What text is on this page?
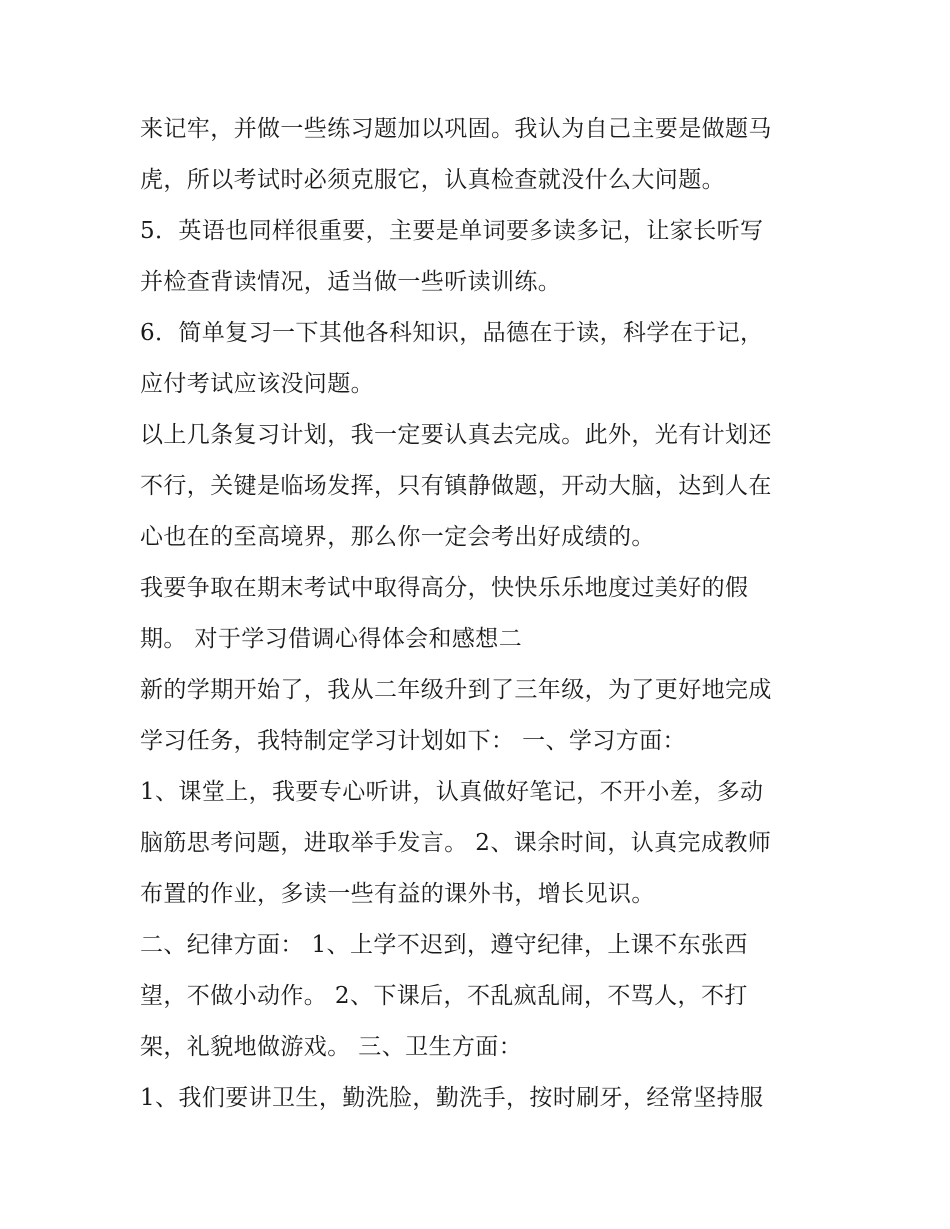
来记牢，并做一些练习题加以巩固。我认为自己主要是做题马
虎，所以考试时必须克服它，认真检查就没什么大问题。
5．英语也同样很重要，主要是单词要多读多记，让家长听写
并检查背读情况，适当做一些听读训练。
6．简单复习一下其他各科知识，品德在于读，科学在于记，
应付考试应该没问题。
以上几条复习计划，我一定要认真去完成。此外，光有计划还
不行，关键是临场发挥，只有镇静做题，开动大脑，达到人在
心也在的至高境界，那么你一定会考出好成绩的。
我要争取在期末考试中取得高分，快快乐乐地度过美好的假
期。 对于学习借调心得体会和感想二
新的学期开始了，我从二年级升到了三年级，为了更好地完成
学习任务，我特制定学习计划如下： 一、学习方面：
1、课堂上，我要专心听讲，认真做好笔记，不开小差，多动
脑筋思考问题，进取举手发言。 2、课余时间，认真完成教师
布置的作业，多读一些有益的课外书，增长见识。
二、纪律方面： 1、上学不迟到，遵守纪律，上课不东张西
望，不做小动作。 2、下课后，不乱疯乱闹，不骂人，不打
架，礼貌地做游戏。 三、卫生方面：
1、我们要讲卫生，勤洗脸，勤洗手，按时刷牙，经常坚持服
